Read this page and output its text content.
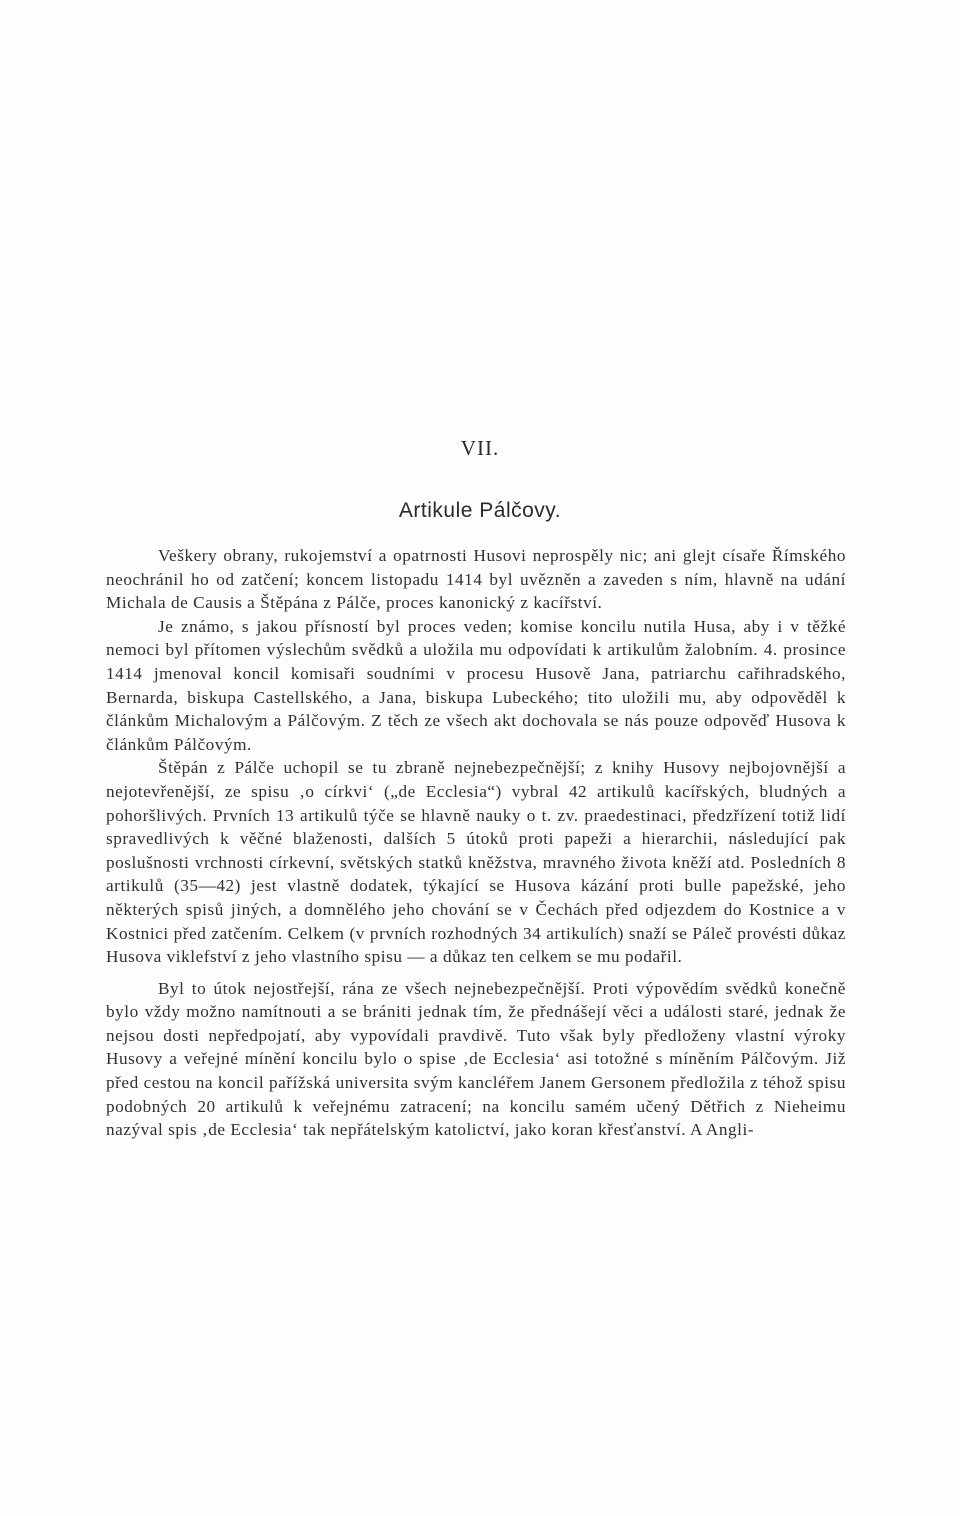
VII.
Artikule Pálčovy.

Veškery obrany, rukojemství a opatrnosti Husovi neprospěly nic; ani glejt císaře Římského neochránil ho od zatčení; koncem listopadu 1414 byl uvězněn a zaveden s ním, hlavně na udání Michala de Causis a Štěpána z Pálče, proces kanonický z kacířství.

Je známo, s jakou přísností byl proces veden; komise koncilu nutila Husa, aby i v těžké nemoci byl přítomen výslechům svědků a uložila mu odpovídati k artikulům žalobním. 4. prosince 1414 jmenoval koncil komisaři soudními v procesu Husově Jana, patriarchu cařihradského, Bernarda, biskupa Castellského, a Jana, biskupa Lubeckého; tito uložili mu, aby odpověděl k článkům Michalovým a Pálčovým. Z těch ze všech akt dochovala se nás pouze odpověď Husova k článkům Pálčovým.

Štěpán z Pálče uchopil se tu zbraně nejnebezpečnější; z knihy Husovy nejbojovnější a nejotevřenější, ze spisu ‚o církvi‘ („de Ecclesia“) vybral 42 artikulů kacířských, bludných a pohoršlivých. Prvních 13 artikulů týče se hlavně nauky o t. zv. praedestinaci, předzřízení totiž lidí spravedlivých k věčné blaženosti, dalších 5 útoků proti papeži a hierarchii, následující pak poslušnosti vrchnosti církevní, světských statků kněžstva, mravného života kněží atd. Posledních 8 artikulů (35—42) jest vlastně dodatek, týkající se Husova kázání proti bulle papežské, jeho některých spisů jiných, a domnělého jeho chování se v Čechách před odjezdem do Kostnice a v Kostnici před zatčením. Celkem (v prvních rozhodných 34 artikulích) snaží se Páleč provésti důkaz Husova viklefství z jeho vlastního spisu — a důkaz ten celkem se mu podařil.

Byl to útok nejostřejší, rána ze všech nejnebezpečnější. Proti výpovědím svědků konečně bylo vždy možno namítnouti a se brániti jednak tím, že přednášejí věci a události staré, jednak že nejsou dosti nepředpojatí, aby vypovídali pravdivě. Tuto však byly předloženy vlastní výroky Husovy a veřejné mínění koncilu bylo o spise ‚de Ecclesia‘ asi totožné s míněním Pálčovým. Již před cestou na koncil pařížská universita svým kancléřem Janem Gersonem předložila z téhož spisu podobných 20 artikulů k veřejnému zatracení; na koncilu samém učený Dětřich z Nieheimu nazýval spis ‚de Ecclesia‘ tak nepřátelským katolictví, jako koran křesťanství. A Angli-
